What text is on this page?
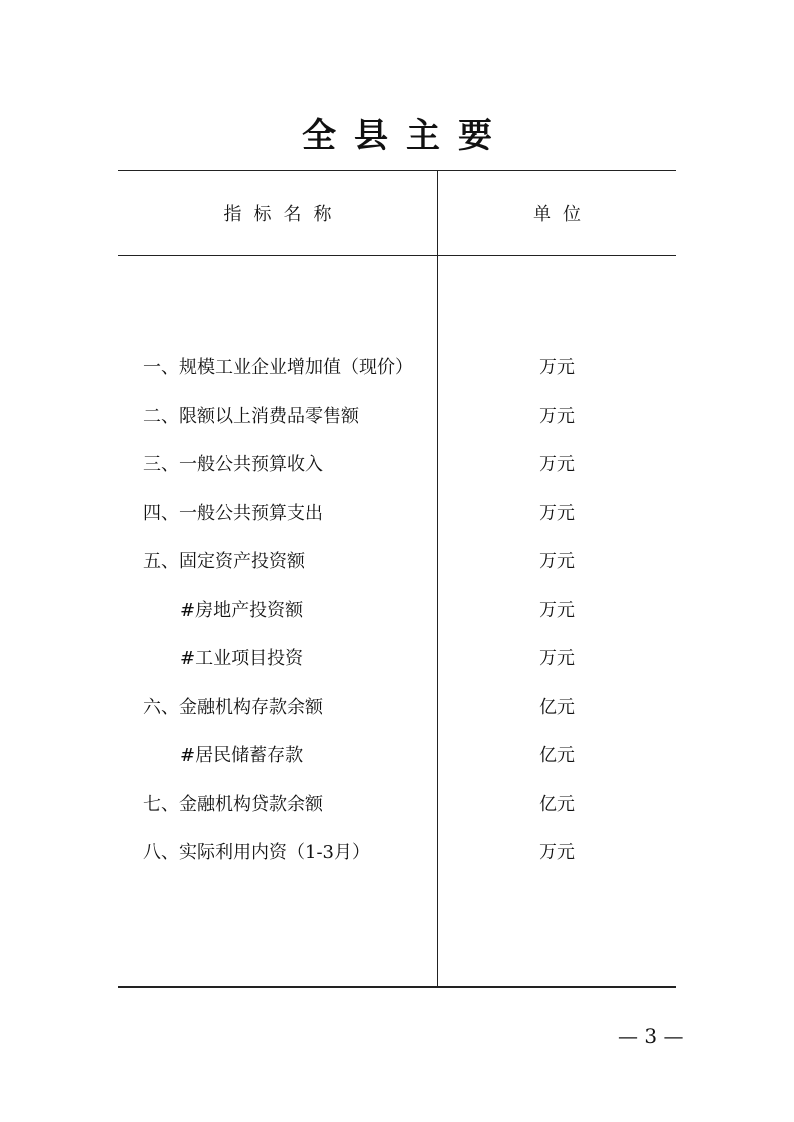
全县主要
指标名称	单位
一、规模工业企业增加值（现价）	万元
二、限额以上消费品零售额	万元
三、一般公共预算收入	万元
四、一般公共预算支出	万元
五、固定资产投资额	万元
#房地产投资额	万元
#工业项目投资	万元
六、金融机构存款余额	亿元
#居民储蓄存款	亿元
七、金融机构贷款余额	亿元
八、实际利用内资（1-3月）	万元
— 3 —
